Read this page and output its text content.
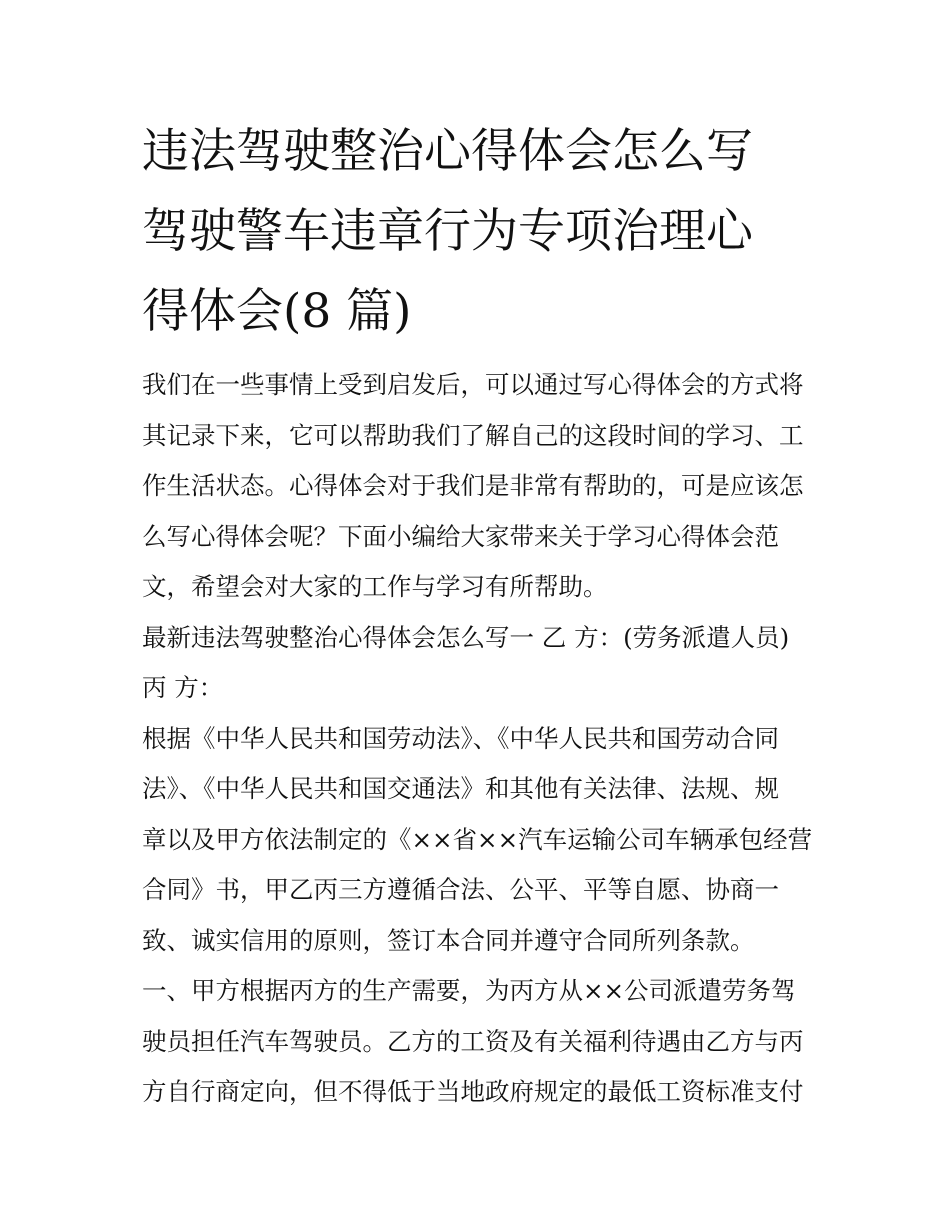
违法驾驶整治心得体会怎么写
驾驶警车违章行为专项治理心
得体会(8 篇)

我们在一些事情上受到启发后，可以通过写心得体会的方式将
其记录下来，它可以帮助我们了解自己的这段时间的学习、工
作生活状态。心得体会对于我们是非常有帮助的，可是应该怎
么写心得体会呢？下面小编给大家带来关于学习心得体会范
文，希望会对大家的工作与学习有所帮助。

最新违法驾驶整治心得体会怎么写一 乙 方：(劳务派遣人员)
丙 方：

根据《中华人民共和国劳动法》、《中华人民共和国劳动合同
法》、《中华人民共和国交通法》和其他有关法律、法规、规
章以及甲方依法制定的《××省××汽车运输公司车辆承包经营
合同》书，甲乙丙三方遵循合法、公平、平等自愿、协商一
致、诚实信用的原则，签订本合同并遵守合同所列条款。

一、甲方根据丙方的生产需要，为丙方从××公司派遣劳务驾
驶员担任汽车驾驶员。乙方的工资及有关福利待遇由乙方与丙
方自行商定向，但不得低于当地政府规定的最低工资标准支付
